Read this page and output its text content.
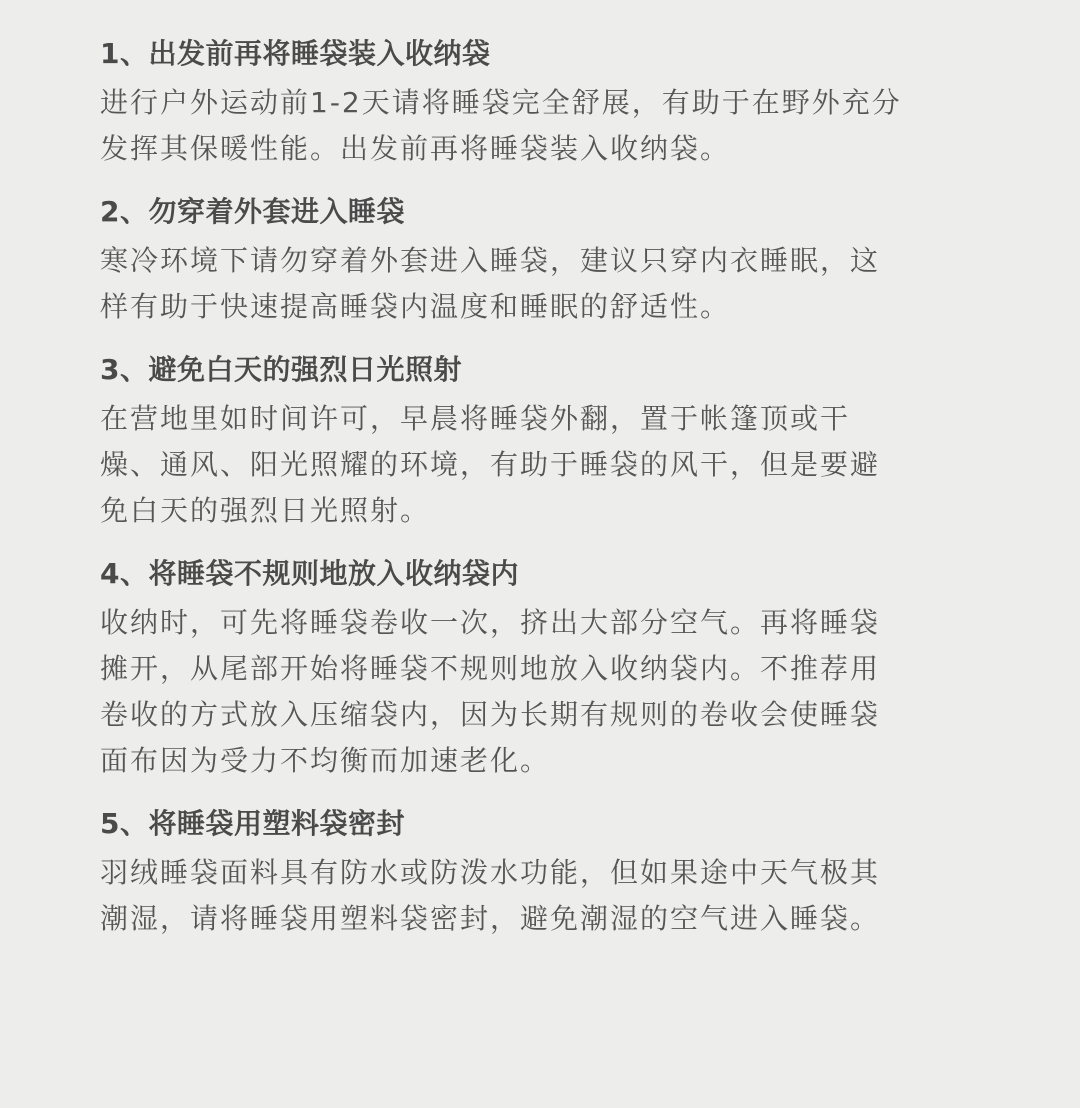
1、出发前再将睡袋装入收纳袋
进行户外运动前1-2天请将睡袋完全舒展，有助于在野外充分
发挥其保暖性能。出发前再将睡袋装入收纳袋。
2、勿穿着外套进入睡袋
寒冷环境下请勿穿着外套进入睡袋，建议只穿内衣睡眠，这
样有助于快速提高睡袋内温度和睡眠的舒适性。
3、避免白天的强烈日光照射
在营地里如时间许可，早晨将睡袋外翻，置于帐篷顶或干
燥、通风、阳光照耀的环境，有助于睡袋的风干，但是要避
免白天的强烈日光照射。
4、将睡袋不规则地放入收纳袋内
收纳时，可先将睡袋卷收一次，挤出大部分空气。再将睡袋
摊开，从尾部开始将睡袋不规则地放入收纳袋内。不推荐用
卷收的方式放入压缩袋内，因为长期有规则的卷收会使睡袋
面布因为受力不均衡而加速老化。
5、将睡袋用塑料袋密封
羽绒睡袋面料具有防水或防泼水功能，但如果途中天气极其
潮湿，请将睡袋用塑料袋密封，避免潮湿的空气进入睡袋。
